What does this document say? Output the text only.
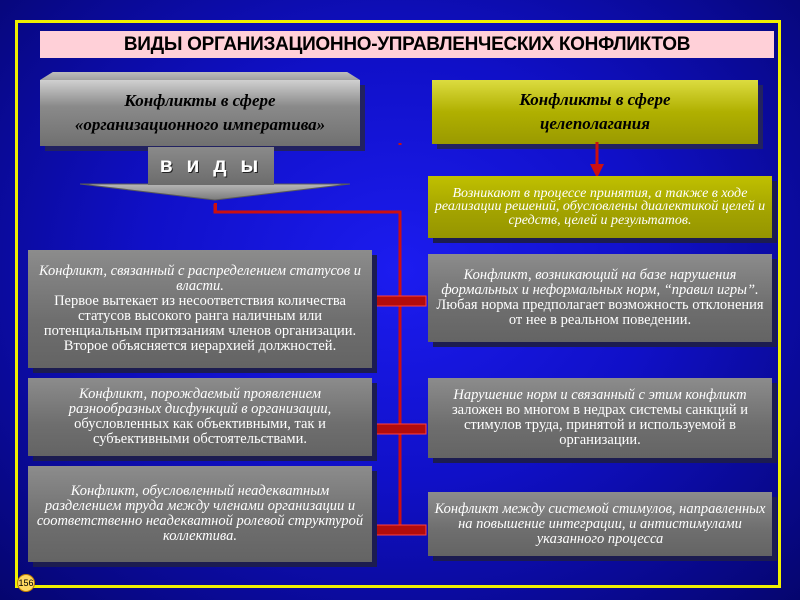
ВИДЫ ОРГАНИЗАЦИОННО-УПРАВЛЕНЧЕСКИХ КОНФЛИКТОВ
Конфликты в сфере
«организационного императива»
Конфликты в сфере
целеполагания
в и д ы
Возникают в процессе принятия, а также в ходе реализации решений, обусловлены диалектикой целей и средств, целей и результатов.
Конфликт, связанный с распределением статусов и власти.
Первое вытекает из несоответствия количества статусов высокого ранга наличным или потенциальным притязаниям членов организации. Второе объясняется иерархией должностей.
Конфликт, возникающий на базе нарушения формальных и неформальных норм, “правил игры”.
Любая норма предполагает возможность отклонения от нее в реальном поведении.
Конфликт, порождаемый проявлением разнообразных дисфункций в организации,
обусловленных как объективными, так и субъективными обстоятельствами.
Нарушение норм и связанный с этим конфликт заложен во многом в недрах системы санкций и стимулов труда, принятой и используемой в организации.
Конфликт, обусловленный неадекватным разделением труда между членами организации и соответственно неадекватной ролевой структурой коллектива.
Конфликт между системой стимулов, направленных на повышение интеграции, и антистимулами указанного процесса
156
